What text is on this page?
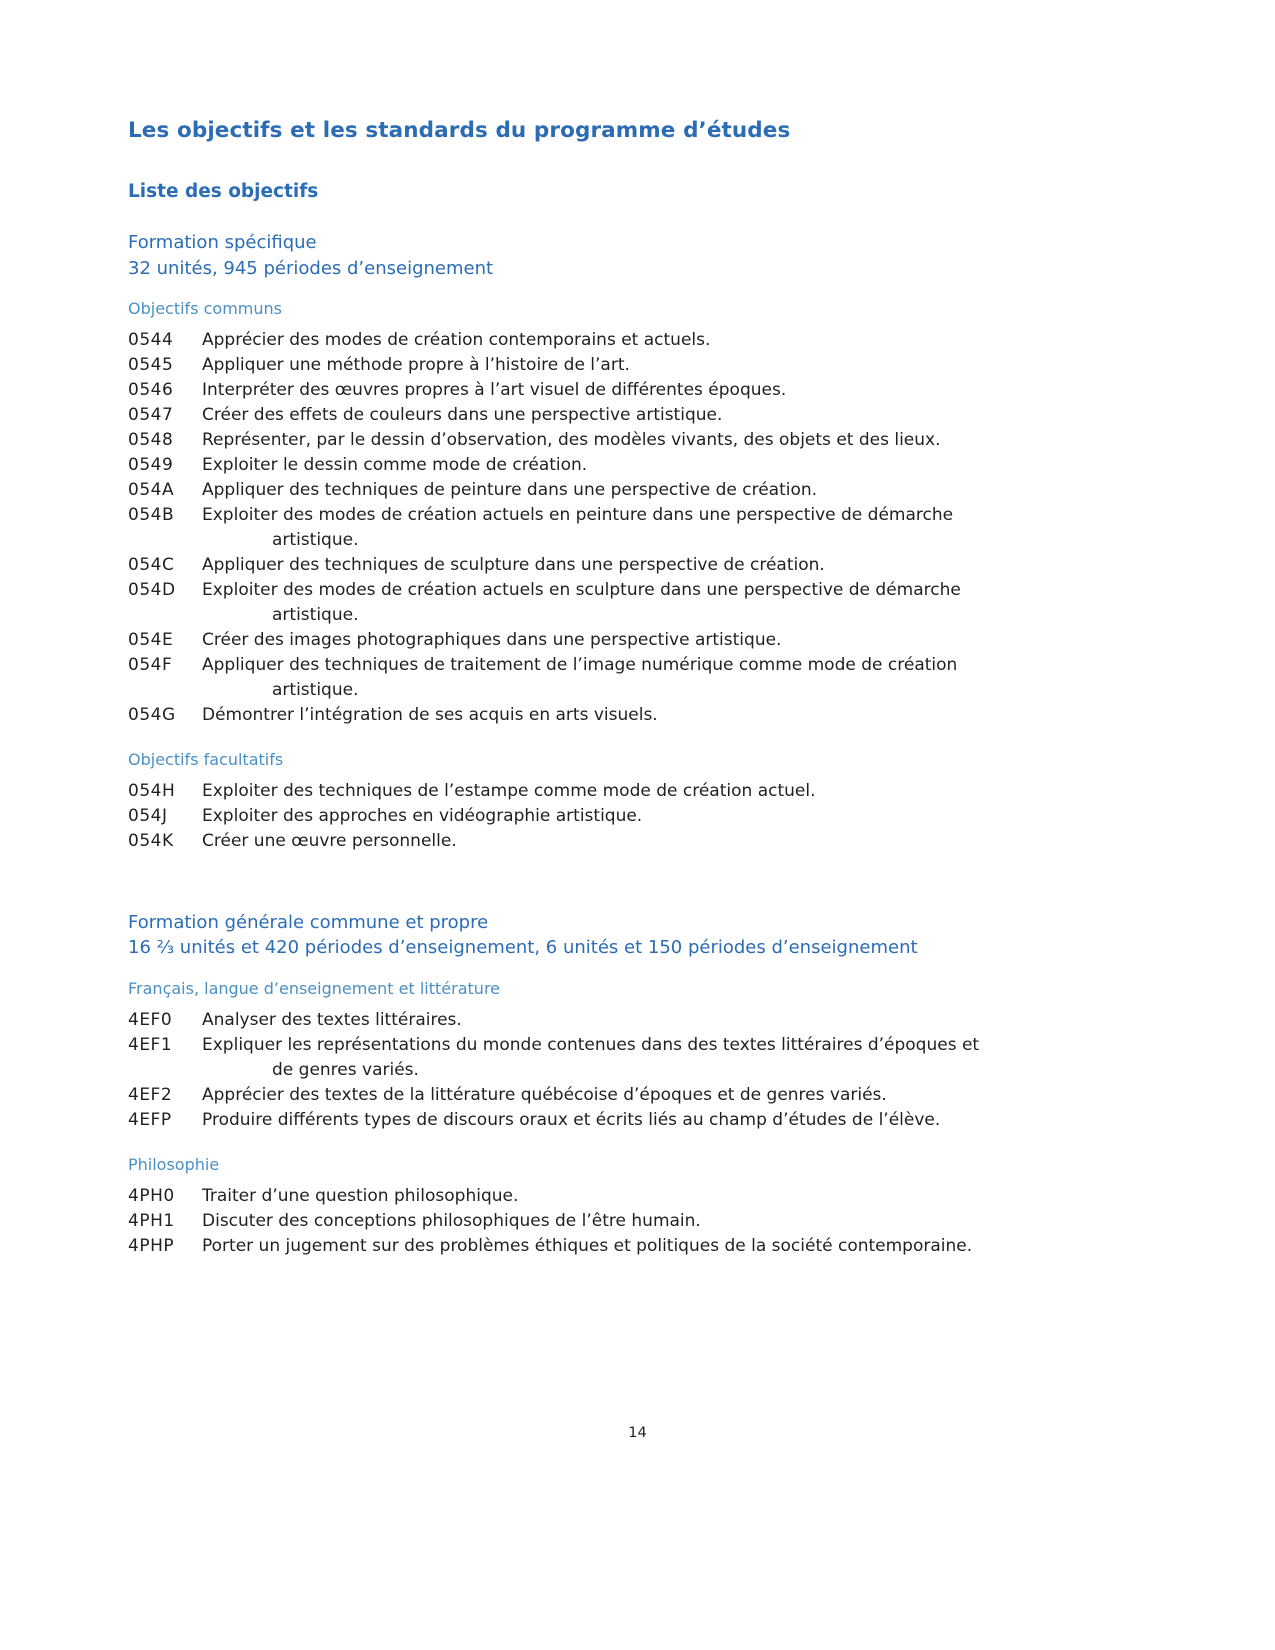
Les objectifs et les standards du programme d’études
Liste des objectifs
Formation spécifique
32 unités, 945 périodes d’enseignement
Objectifs communs
0544	Apprécier des modes de création contemporains et actuels.
0545	Appliquer une méthode propre à l’histoire de l’art.
0546	Interpréter des œuvres propres à l’art visuel de différentes époques.
0547	Créer des effets de couleurs dans une perspective artistique.
0548	Représenter, par le dessin d’observation, des modèles vivants, des objets et des lieux.
0549	Exploiter le dessin comme mode de création.
054A	Appliquer des techniques de peinture dans une perspective de création.
054B	Exploiter des modes de création actuels en peinture dans une perspective de démarche
artistique.
054C	Appliquer des techniques de sculpture dans une perspective de création.
054D	Exploiter des modes de création actuels en sculpture dans une perspective de démarche
artistique.
054E	Créer des images photographiques dans une perspective artistique.
054F	Appliquer des techniques de traitement de l’image numérique comme mode de création
artistique.
054G	Démontrer l’intégration de ses acquis en arts visuels.
Objectifs facultatifs
054H	Exploiter des techniques de l’estampe comme mode de création actuel.
054J	Exploiter des approches en vidéographie artistique.
054K	Créer une œuvre personnelle.
Formation générale commune et propre
16 ⅔ unités et 420 périodes d’enseignement, 6 unités et 150 périodes d’enseignement
Français, langue d’enseignement et littérature
4EF0	Analyser des textes littéraires.
4EF1	Expliquer les représentations du monde contenues dans des textes littéraires d’époques et
de genres variés.
4EF2	Apprécier des textes de la littérature québécoise d’époques et de genres variés.
4EFP	Produire différents types de discours oraux et écrits liés au champ d’études de l’élève.
Philosophie
4PH0	Traiter d’une question philosophique.
4PH1	Discuter des conceptions philosophiques de l’être humain.
4PHP	Porter un jugement sur des problèmes éthiques et politiques de la société contemporaine.
14
